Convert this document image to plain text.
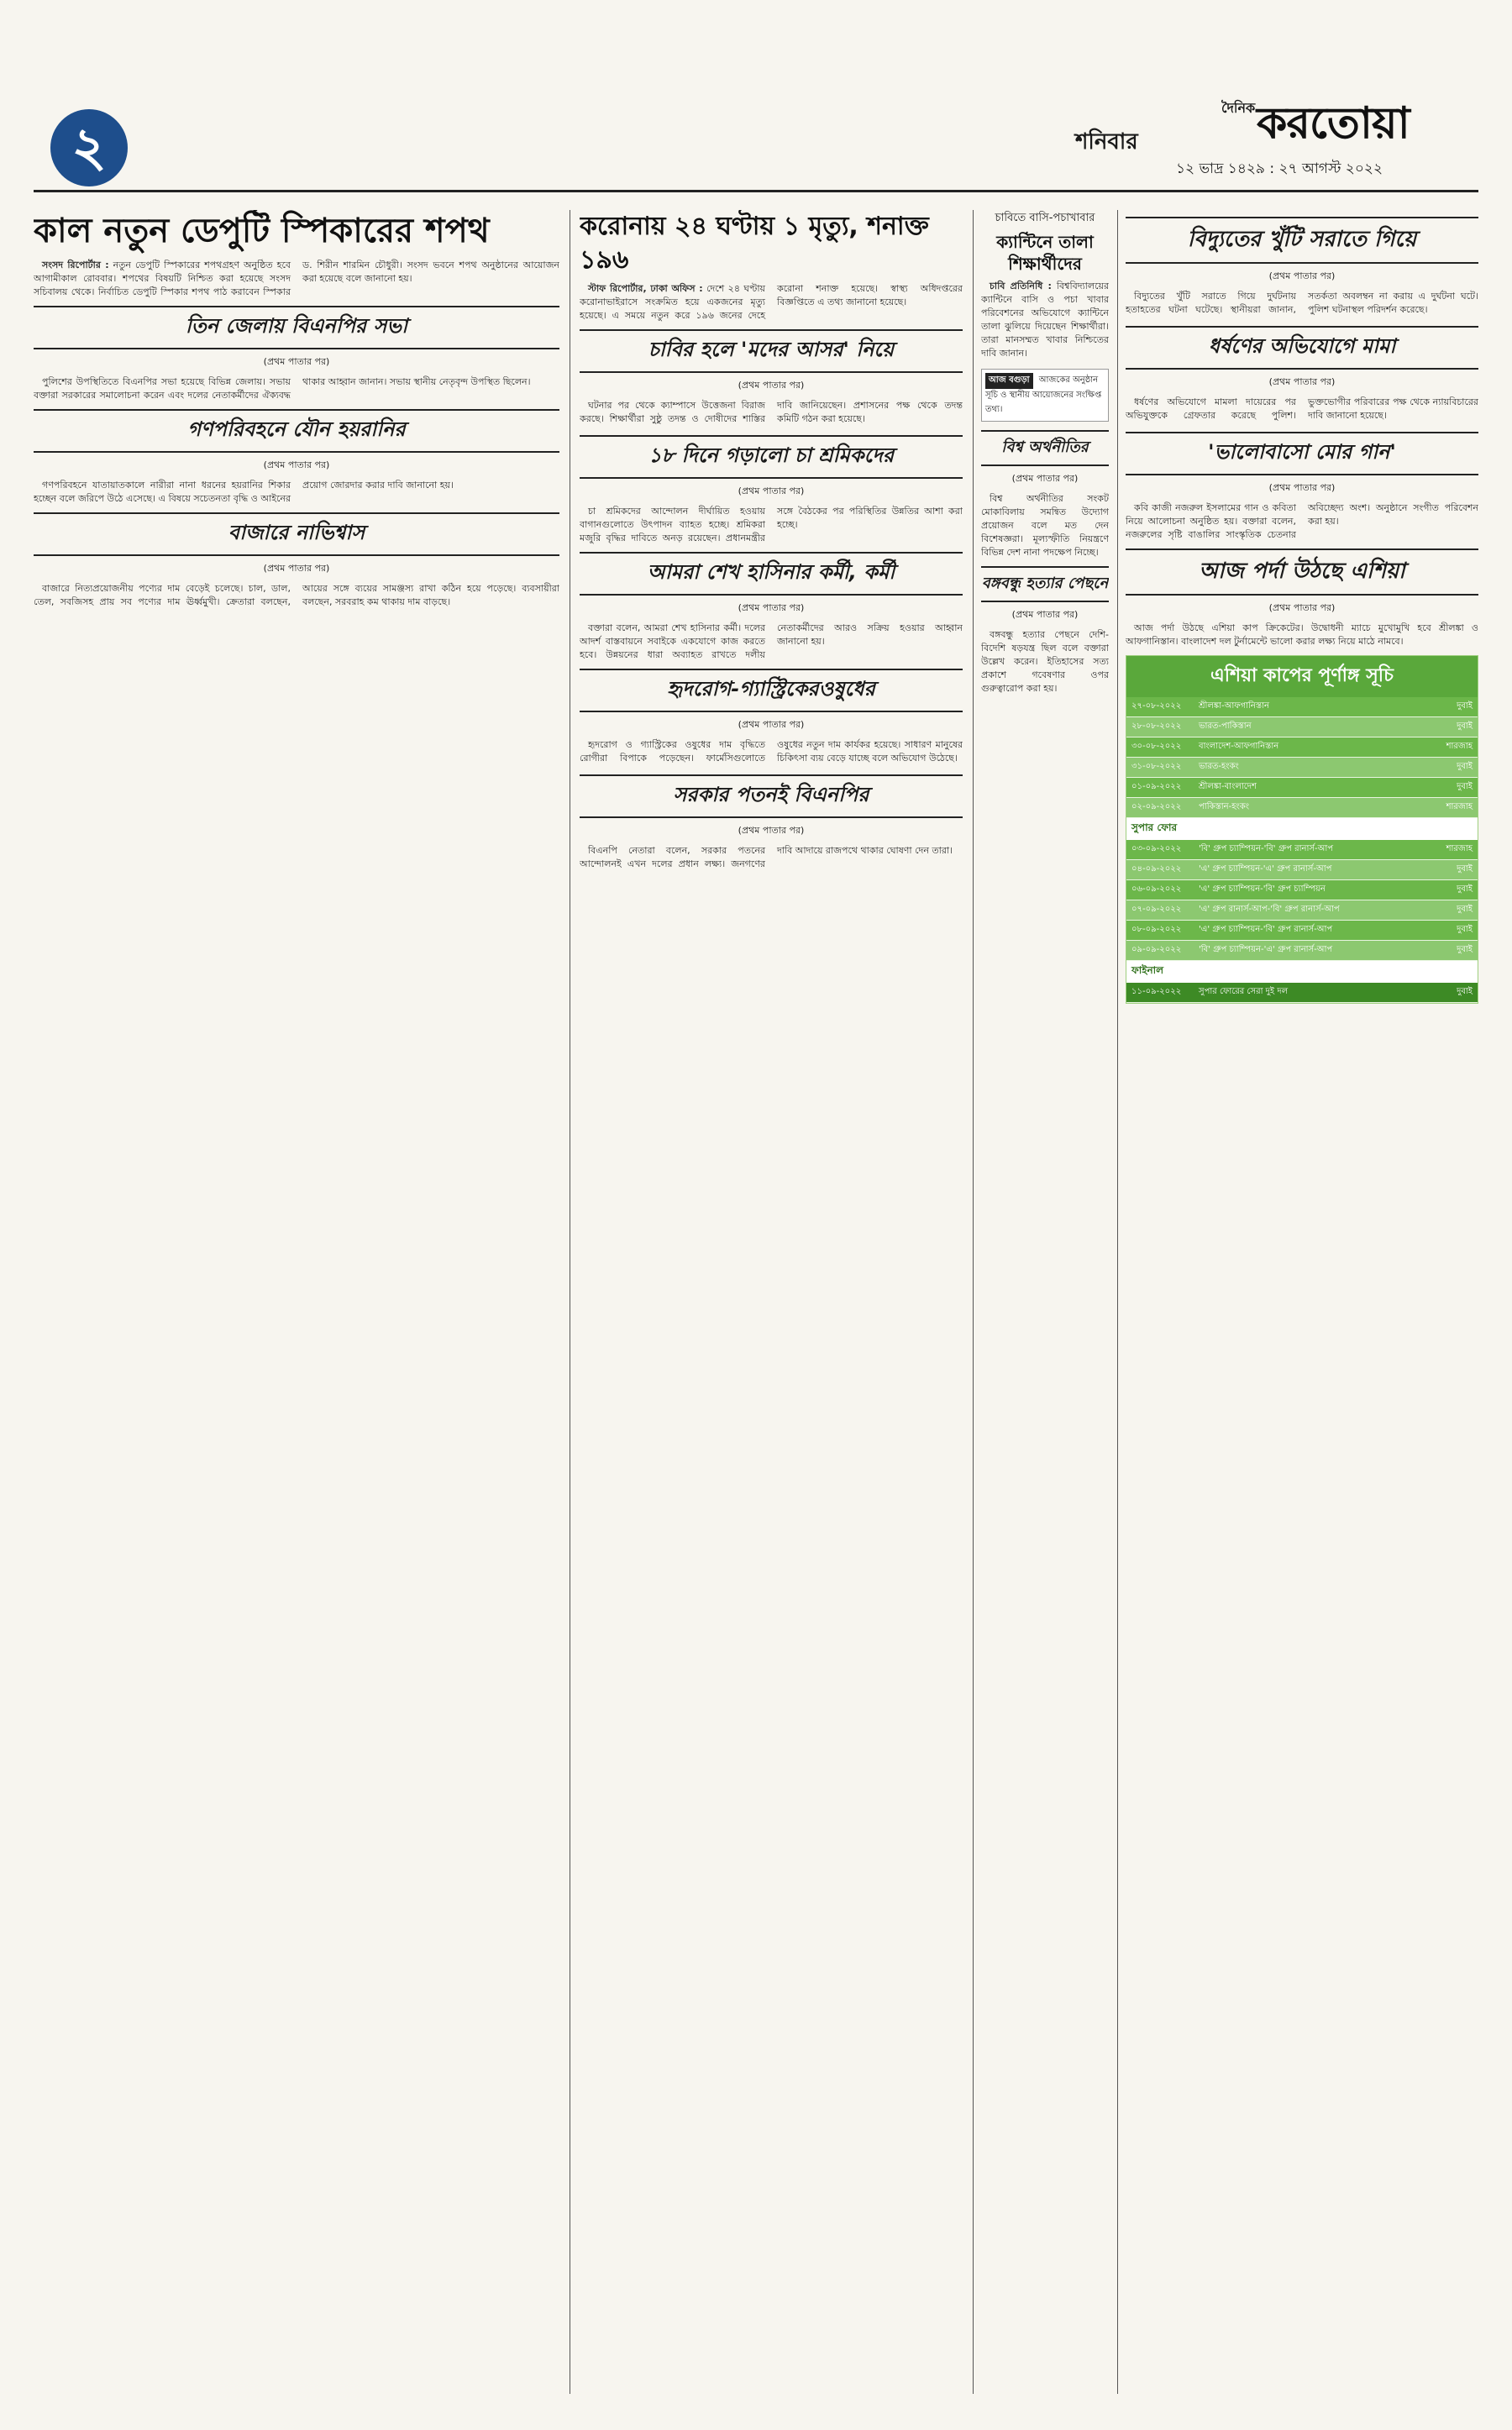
২	শনিবার
১২ ভাদ্র ১৪২৯ : ২৭ আগস্ট ২০২২
দৈনিক করতোয়া
কাল নতুন ডেপুটি স্পিকারের শপথ

সংসদ রিপোর্টার : নতুন ডেপুটি স্পিকারের শপথগ্রহণ অনুষ্ঠিত হবে আগামীকাল রোববার। শপথের বিষয়টি নিশ্চিত করা হয়েছে সংসদ সচিবালয় থেকে। নির্বাচিত ডেপুটি স্পিকার শপথ পাঠ করাবেন স্পিকার ড. শিরীন শারমিন চৌধুরী। সংসদ ভবনে শপথ অনুষ্ঠানের আয়োজন করা হয়েছে বলে জানানো হয়।

তিন জেলায় বিএনপির সভা
(প্রথম পাতার পর)

পুলিশের উপস্থিতিতে বিএনপির সভা হয়েছে বিভিন্ন জেলায়। সভায় বক্তারা সরকারের সমালোচনা করেন এবং দলের নেতাকর্মীদের ঐক্যবদ্ধ থাকার আহ্বান জানান। সভায় স্থানীয় নেতৃবৃন্দ উপস্থিত ছিলেন।

গণপরিবহনে যৌন হয়রানির
(প্রথম পাতার পর)

গণপরিবহনে যাতায়াতকালে নারীরা নানা ধরনের হয়রানির শিকার হচ্ছেন বলে জরিপে উঠে এসেছে। এ বিষয়ে সচেতনতা বৃদ্ধি ও আইনের প্রয়োগ জোরদার করার দাবি জানানো হয়।

বাজারে নাভিশ্বাস
(প্রথম পাতার পর)

বাজারে নিত্যপ্রয়োজনীয় পণ্যের দাম বেড়েই চলেছে। চাল, ডাল, তেল, সবজিসহ প্রায় সব পণ্যের দাম ঊর্ধ্বমুখী। ক্রেতারা বলছেন, আয়ের সঙ্গে ব্যয়ের সামঞ্জস্য রাখা কঠিন হয়ে পড়েছে। ব্যবসায়ীরা বলছেন, সরবরাহ কম থাকায় দাম বাড়ছে।

করোনায় ২৪ ঘণ্টায় ১ মৃত্যু, শনাক্ত ১৯৬

স্টাফ রিপোর্টার, ঢাকা অফিস : দেশে ২৪ ঘণ্টায় করোনাভাইরাসে সংক্রমিত হয়ে একজনের মৃত্যু হয়েছে। এ সময়ে নতুন করে ১৯৬ জনের দেহে করোনা শনাক্ত হয়েছে। স্বাস্থ্য অধিদপ্তরের বিজ্ঞপ্তিতে এ তথ্য জানানো হয়েছে।

চাবির হলে 'মদের আসর' নিয়ে
(প্রথম পাতার পর)

ঘটনার পর থেকে ক্যাম্পাসে উত্তেজনা বিরাজ করছে। শিক্ষার্থীরা সুষ্ঠু তদন্ত ও দোষীদের শাস্তির দাবি জানিয়েছেন। প্রশাসনের পক্ষ থেকে তদন্ত কমিটি গঠন করা হয়েছে।

১৮ দিনে গড়ালো চা শ্রমিকদের
(প্রথম পাতার পর)

চা শ্রমিকদের আন্দোলন দীর্ঘায়িত হওয়ায় বাগানগুলোতে উৎপাদন ব্যাহত হচ্ছে। শ্রমিকরা মজুরি বৃদ্ধির দাবিতে অনড় রয়েছেন। প্রধানমন্ত্রীর সঙ্গে বৈঠকের পর পরিস্থিতির উন্নতির আশা করা হচ্ছে।

আমরা শেখ হাসিনার কর্মী, কর্মী
(প্রথম পাতার পর)

বক্তারা বলেন, আমরা শেখ হাসিনার কর্মী। দলের আদর্শ বাস্তবায়নে সবাইকে একযোগে কাজ করতে হবে। উন্নয়নের ধারা অব্যাহত রাখতে দলীয় নেতাকর্মীদের আরও সক্রিয় হওয়ার আহ্বান জানানো হয়।

হৃদরোগ-গ্যাস্ট্রিকেরওষুধের
(প্রথম পাতার পর)

হৃদরোগ ও গ্যাস্ট্রিকের ওষুধের দাম বৃদ্ধিতে রোগীরা বিপাকে পড়েছেন। ফার্মেসিগুলোতে ওষুধের নতুন দাম কার্যকর হয়েছে। সাধারণ মানুষের চিকিৎসা ব্যয় বেড়ে যাচ্ছে বলে অভিযোগ উঠেছে।

সরকার পতনই বিএনপির
(প্রথম পাতার পর)

বিএনপি নেতারা বলেন, সরকার পতনের আন্দোলনই এখন দলের প্রধান লক্ষ্য। জনগণের দাবি আদায়ে রাজপথে থাকার ঘোষণা দেন তারা।

চাবিতে বাসি-পচাখাবার
ক্যান্টিনে তালা শিক্ষার্থীদের

চাবি প্রতিনিধি : বিশ্ববিদ্যালয়ের ক্যান্টিনে বাসি ও পচা খাবার পরিবেশনের অভিযোগে ক্যান্টিনে তালা ঝুলিয়ে দিয়েছেন শিক্ষার্থীরা। তারা মানসম্মত খাবার নিশ্চিতের দাবি জানান।

আজ বগুড়া আজকের অনুষ্ঠান সূচি ও স্থানীয় আয়োজনের সংক্ষিপ্ত তথ্য।
বিশ্ব অর্থনীতির
(প্রথম পাতার পর)

বিশ্ব অর্থনীতির সংকট মোকাবিলায় সমন্বিত উদ্যোগ প্রয়োজন বলে মত দেন বিশেষজ্ঞরা। মূল্যস্ফীতি নিয়ন্ত্রণে বিভিন্ন দেশ নানা পদক্ষেপ নিচ্ছে।

বঙ্গবন্ধু হত্যার পেছনে
(প্রথম পাতার পর)

বঙ্গবন্ধু হত্যার পেছনে দেশি-বিদেশি ষড়যন্ত্র ছিল বলে বক্তারা উল্লেখ করেন। ইতিহাসের সত্য প্রকাশে গবেষণার ওপর গুরুত্বারোপ করা হয়।

বিদ্যুতের খুঁটি সরাতে গিয়ে
(প্রথম পাতার পর)

বিদ্যুতের খুঁটি সরাতে গিয়ে দুর্ঘটনায় হতাহতের ঘটনা ঘটেছে। স্থানীয়রা জানান, সতর্কতা অবলম্বন না করায় এ দুর্ঘটনা ঘটে। পুলিশ ঘটনাস্থল পরিদর্শন করেছে।

ধর্ষণের অভিযোগে মামা
(প্রথম পাতার পর)

ধর্ষণের অভিযোগে মামলা দায়েরের পর অভিযুক্তকে গ্রেফতার করেছে পুলিশ। ভুক্তভোগীর পরিবারের পক্ষ থেকে ন্যায়বিচারের দাবি জানানো হয়েছে।

'ভালোবাসো মোর গান'
(প্রথম পাতার পর)

কবি কাজী নজরুল ইসলামের গান ও কবিতা নিয়ে আলোচনা অনুষ্ঠিত হয়। বক্তারা বলেন, নজরুলের সৃষ্টি বাঙালির সাংস্কৃতিক চেতনার অবিচ্ছেদ্য অংশ। অনুষ্ঠানে সংগীত পরিবেশন করা হয়।

আজ পর্দা উঠছে এশিয়া
(প্রথম পাতার পর)

আজ পর্দা উঠছে এশিয়া কাপ ক্রিকেটের। উদ্বোধনী ম্যাচে মুখোমুখি হবে শ্রীলঙ্কা ও আফগানিস্তান। বাংলাদেশ দল টুর্নামেন্টে ভালো করার লক্ষ্য নিয়ে মাঠে নামবে।

এশিয়া কাপের পূর্ণাঙ্গ সূচি
২৭-০৮-২০২২	শ্রীলঙ্কা-আফগানিস্তান	দুবাই
২৮-০৮-২০২২	ভারত-পাকিস্তান	দুবাই
৩০-০৮-২০২২	বাংলাদেশ-আফগানিস্তান	শারজাহ
৩১-০৮-২০২২	ভারত-হংকং	দুবাই
০১-০৯-২০২২	শ্রীলঙ্কা-বাংলাদেশ	দুবাই
০২-০৯-২০২২	পাকিস্তান-হংকং	শারজাহ
সুপার ফোর
০৩-০৯-২০২২	'বি' গ্রুপ চ্যাম্পিয়ন-'বি' গ্রুপ রানার্স-আপ	শারজাহ
০৪-০৯-২০২২	'এ' গ্রুপ চ্যাম্পিয়ন-'এ' গ্রুপ রানার্স-আপ	দুবাই
০৬-০৯-২০২২	'এ' গ্রুপ চ্যাম্পিয়ন-'বি' গ্রুপ চ্যাম্পিয়ন	দুবাই
০৭-০৯-২০২২	'এ' গ্রুপ রানার্স-আপ-'বি' গ্রুপ রানার্স-আপ	দুবাই
০৮-০৯-২০২২	'এ' গ্রুপ চ্যাম্পিয়ন-'বি' গ্রুপ রানার্স-আপ	দুবাই
০৯-০৯-২০২২	'বি' গ্রুপ চ্যাম্পিয়ন-'এ' গ্রুপ রানার্স-আপ	দুবাই
ফাইনাল
১১-০৯-২০২২	সুপার ফোরের সেরা দুই দল	দুবাই
